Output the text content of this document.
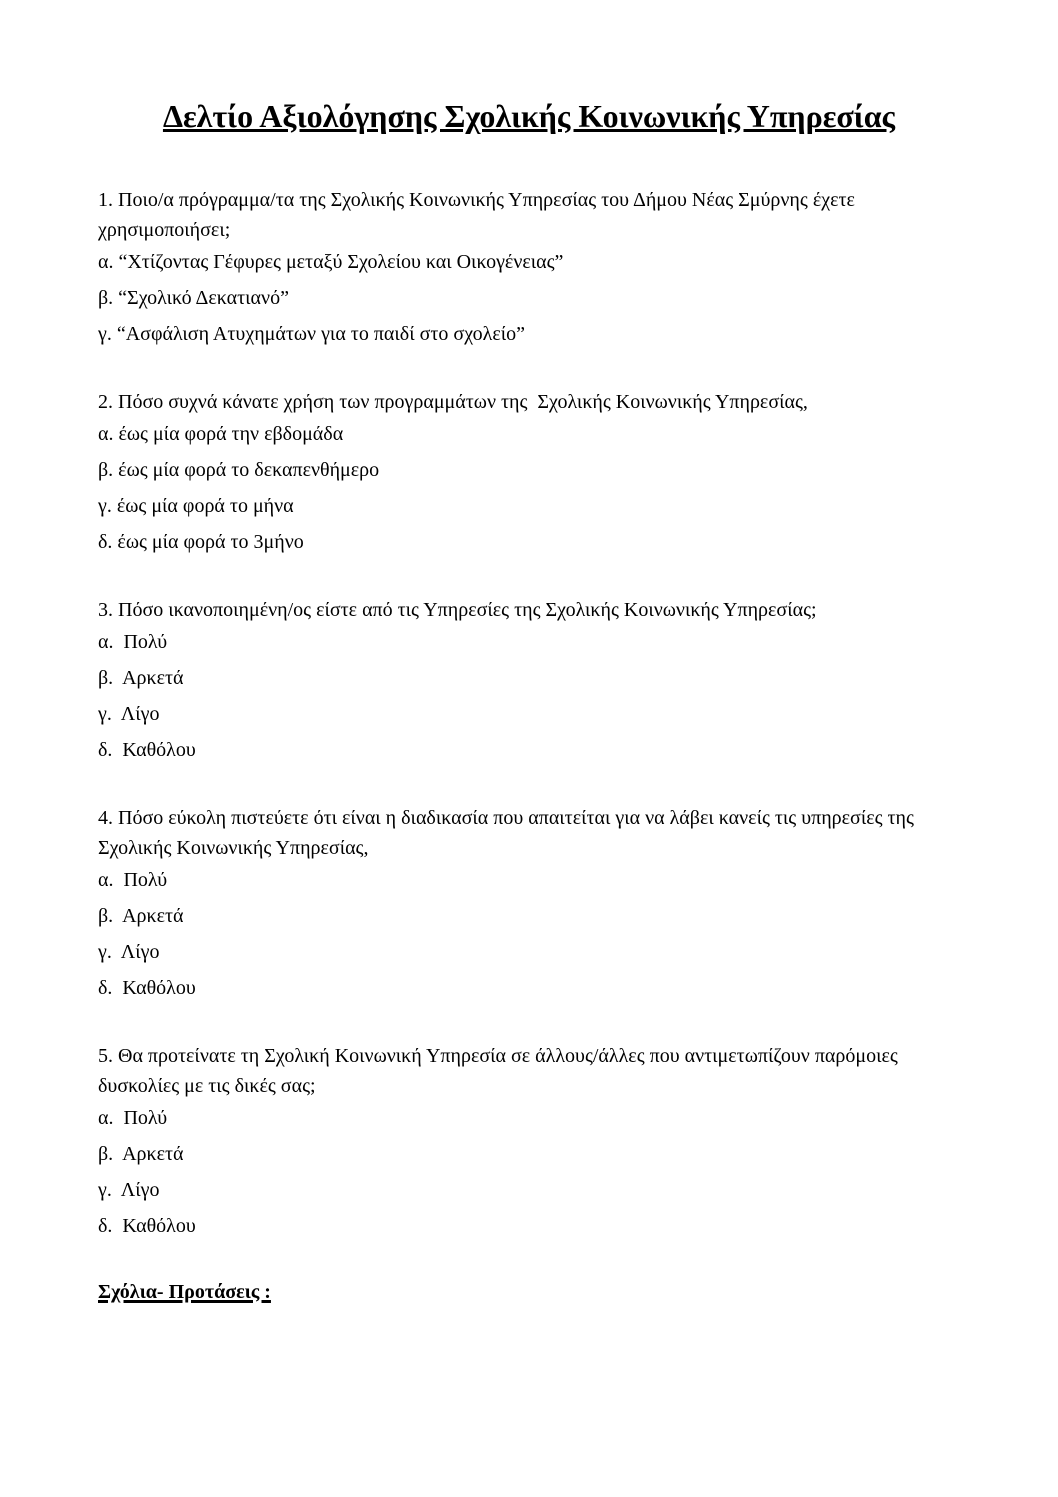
Δελτίο Αξιολόγησης Σχολικής Κοινωνικής Υπηρεσίας

1. Ποιο/α πρόγραμμα/τα της Σχολικής Κοινωνικής Υπηρεσίας του Δήμου Νέας Σμύρνης έχετε χρησιμοποιήσει;

α. “Χτίζοντας Γέφυρες μεταξύ Σχολείου και Οικογένειας”

β. “Σχολικό Δεκατιανό”

γ. “Ασφάλιση Ατυχημάτων για το παιδί στο σχολείο”

2. Πόσο συχνά κάνατε χρήση των προγραμμάτων της  Σχολικής Κοινωνικής Υπηρεσίας,

α. έως μία φορά την εβδομάδα

β. έως μία φορά το δεκαπενθήμερο

γ. έως μία φορά το μήνα

δ. έως μία φορά το 3μήνο

3. Πόσο ικανοποιημένη/ος είστε από τις Υπηρεσίες της Σχολικής Κοινωνικής Υπηρεσίας;

α.  Πολύ

β.  Αρκετά

γ.  Λίγο

δ.  Καθόλου

4. Πόσο εύκολη πιστεύετε ότι είναι η διαδικασία που απαιτείται για να λάβει κανείς τις υπηρεσίες της Σχολικής Κοινωνικής Υπηρεσίας,

α.  Πολύ

β.  Αρκετά

γ.  Λίγο

δ.  Καθόλου

5. Θα προτείνατε τη Σχολική Κοινωνική Υπηρεσία σε άλλους/άλλες που αντιμετωπίζουν παρόμοιες δυσκολίες με τις δικές σας;

α.  Πολύ

β.  Αρκετά

γ.  Λίγο

δ.  Καθόλου

Σχόλια- Προτάσεις :
